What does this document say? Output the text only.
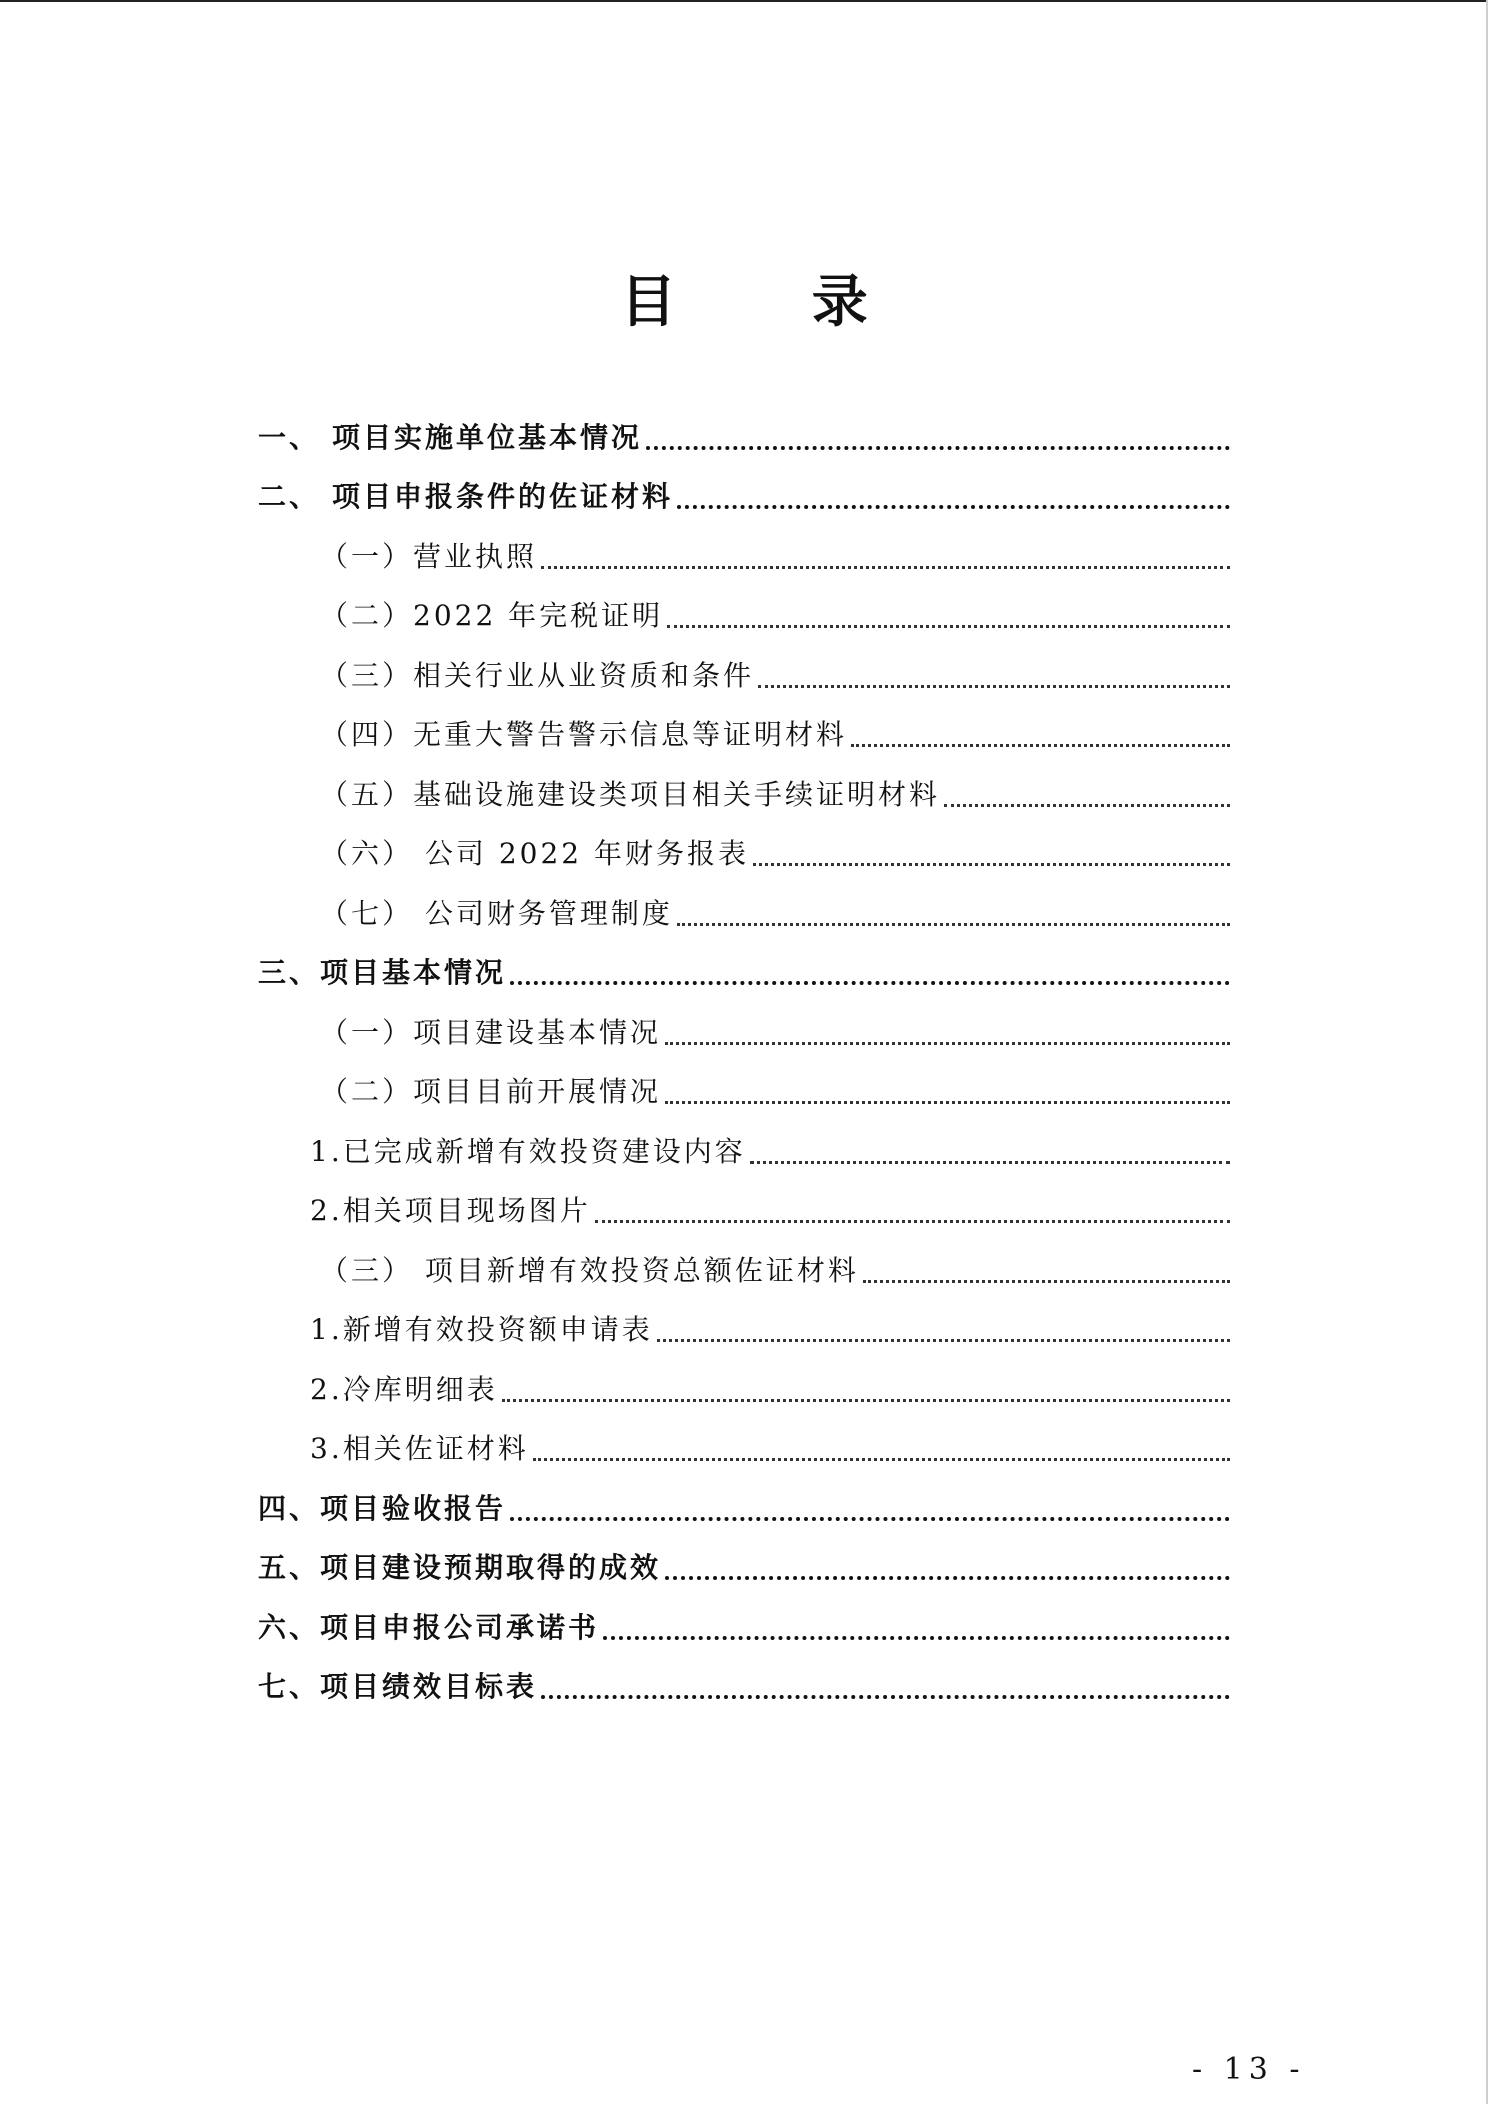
目 录
一、 项目实施单位基本情况
二、 项目申报条件的佐证材料
（一）营业执照
（二）2022 年完税证明
（三）相关行业从业资质和条件
（四）无重大警告警示信息等证明材料
（五）基础设施建设类项目相关手续证明材料
（六） 公司 2022 年财务报表
（七） 公司财务管理制度
三、项目基本情况
（一）项目建设基本情况
（二）项目目前开展情况
1.已完成新增有效投资建设内容
2.相关项目现场图片
（三） 项目新增有效投资总额佐证材料
1.新增有效投资额申请表
2.冷库明细表
3.相关佐证材料
四、项目验收报告
五、项目建设预期取得的成效
六、项目申报公司承诺书
七、项目绩效目标表
- 13 -
